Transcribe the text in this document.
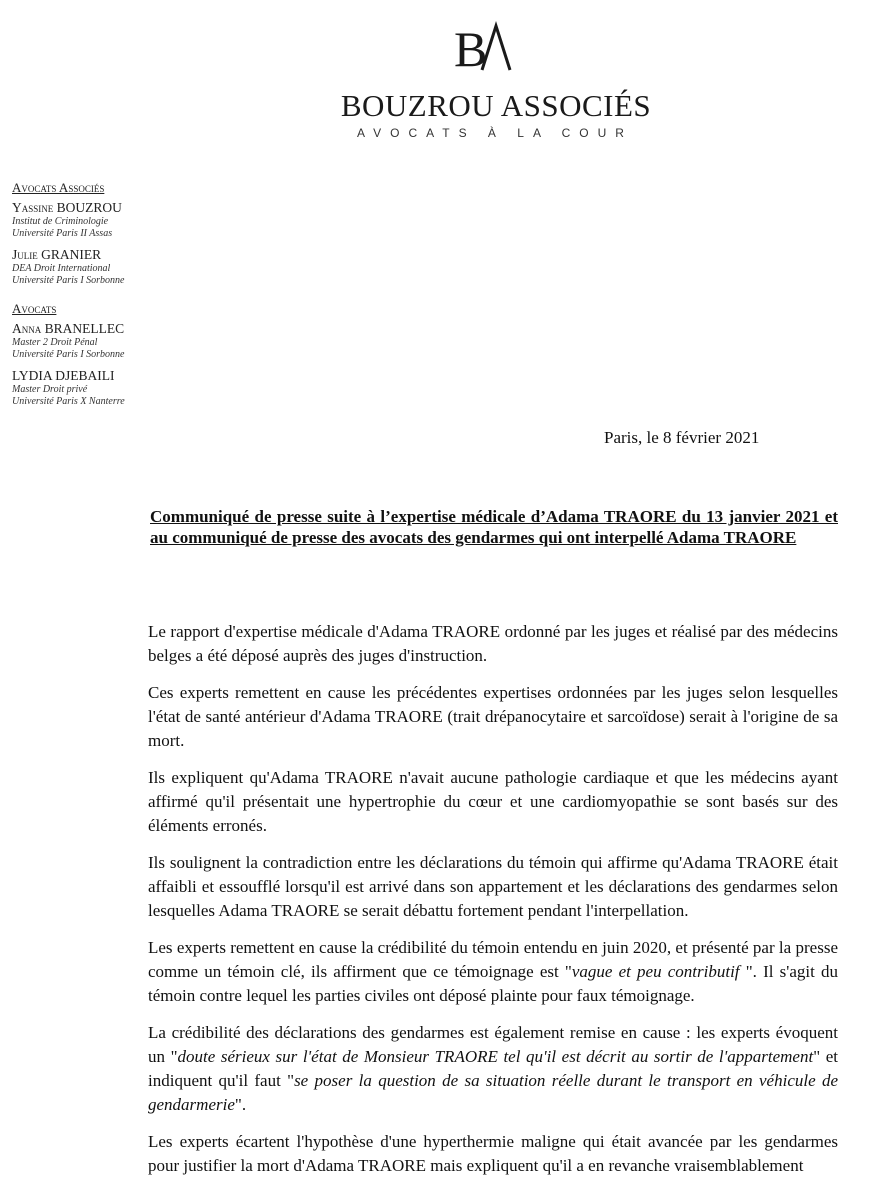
B
BOUZROU ASSOCIÉS
AVOCATS À LA COUR
Avocats Associés
Yassine BOUZROU
Institut de Criminologie
Université Paris II Assas
Julie GRANIER
DEA Droit International
Université Paris I Sorbonne
Avocats
Anna BRANELLEC
Master 2 Droit Pénal
Université Paris I Sorbonne
LYDIA DJEBAILI
Master Droit privé
Université Paris X Nanterre
Paris, le 8 février 2021
Communiqué de presse suite à l’expertise médicale d’Adama TRAORE du 13 janvier 2021 et au communiqué de presse des avocats des gendarmes qui ont interpellé Adama TRAORE

Le rapport d'expertise médicale d'Adama TRAORE ordonné par les juges et réalisé par des médecins belges a été déposé auprès des juges d'instruction.

Ces experts remettent en cause les précédentes expertises ordonnées par les juges selon lesquelles l'état de santé antérieur d'Adama TRAORE (trait drépanocytaire et sarcoïdose) serait à l'origine de sa mort.

Ils expliquent qu'Adama TRAORE n'avait aucune pathologie cardiaque et que les médecins ayant affirmé qu'il présentait une hypertrophie du cœur et une cardiomyopathie se sont basés sur des éléments erronés.

Ils soulignent la contradiction entre les déclarations du témoin qui affirme qu'Adama TRAORE était affaibli et essoufflé lorsqu'il est arrivé dans son appartement et les déclarations des gendarmes selon lesquelles Adama TRAORE se serait débattu fortement pendant l'interpellation.

Les experts remettent en cause la crédibilité du témoin entendu en juin 2020, et présenté par la presse comme un témoin clé, ils affirment que ce témoignage est "vague et peu contributif ". Il s'agit du témoin contre lequel les parties civiles ont déposé plainte pour faux témoignage.

La crédibilité des déclarations des gendarmes est également remise en cause : les experts évoquent un "doute sérieux sur l'état de Monsieur TRAORE tel qu'il est décrit au sortir de l'appartement" et indiquent qu'il faut "se poser la question de sa situation réelle durant le transport en véhicule de gendarmerie".

Les experts écartent l'hypothèse d'une hyperthermie maligne qui était avancée par les gendarmes pour justifier la mort d'Adama TRAORE mais expliquent qu'il a en revanche vraisemblablement
